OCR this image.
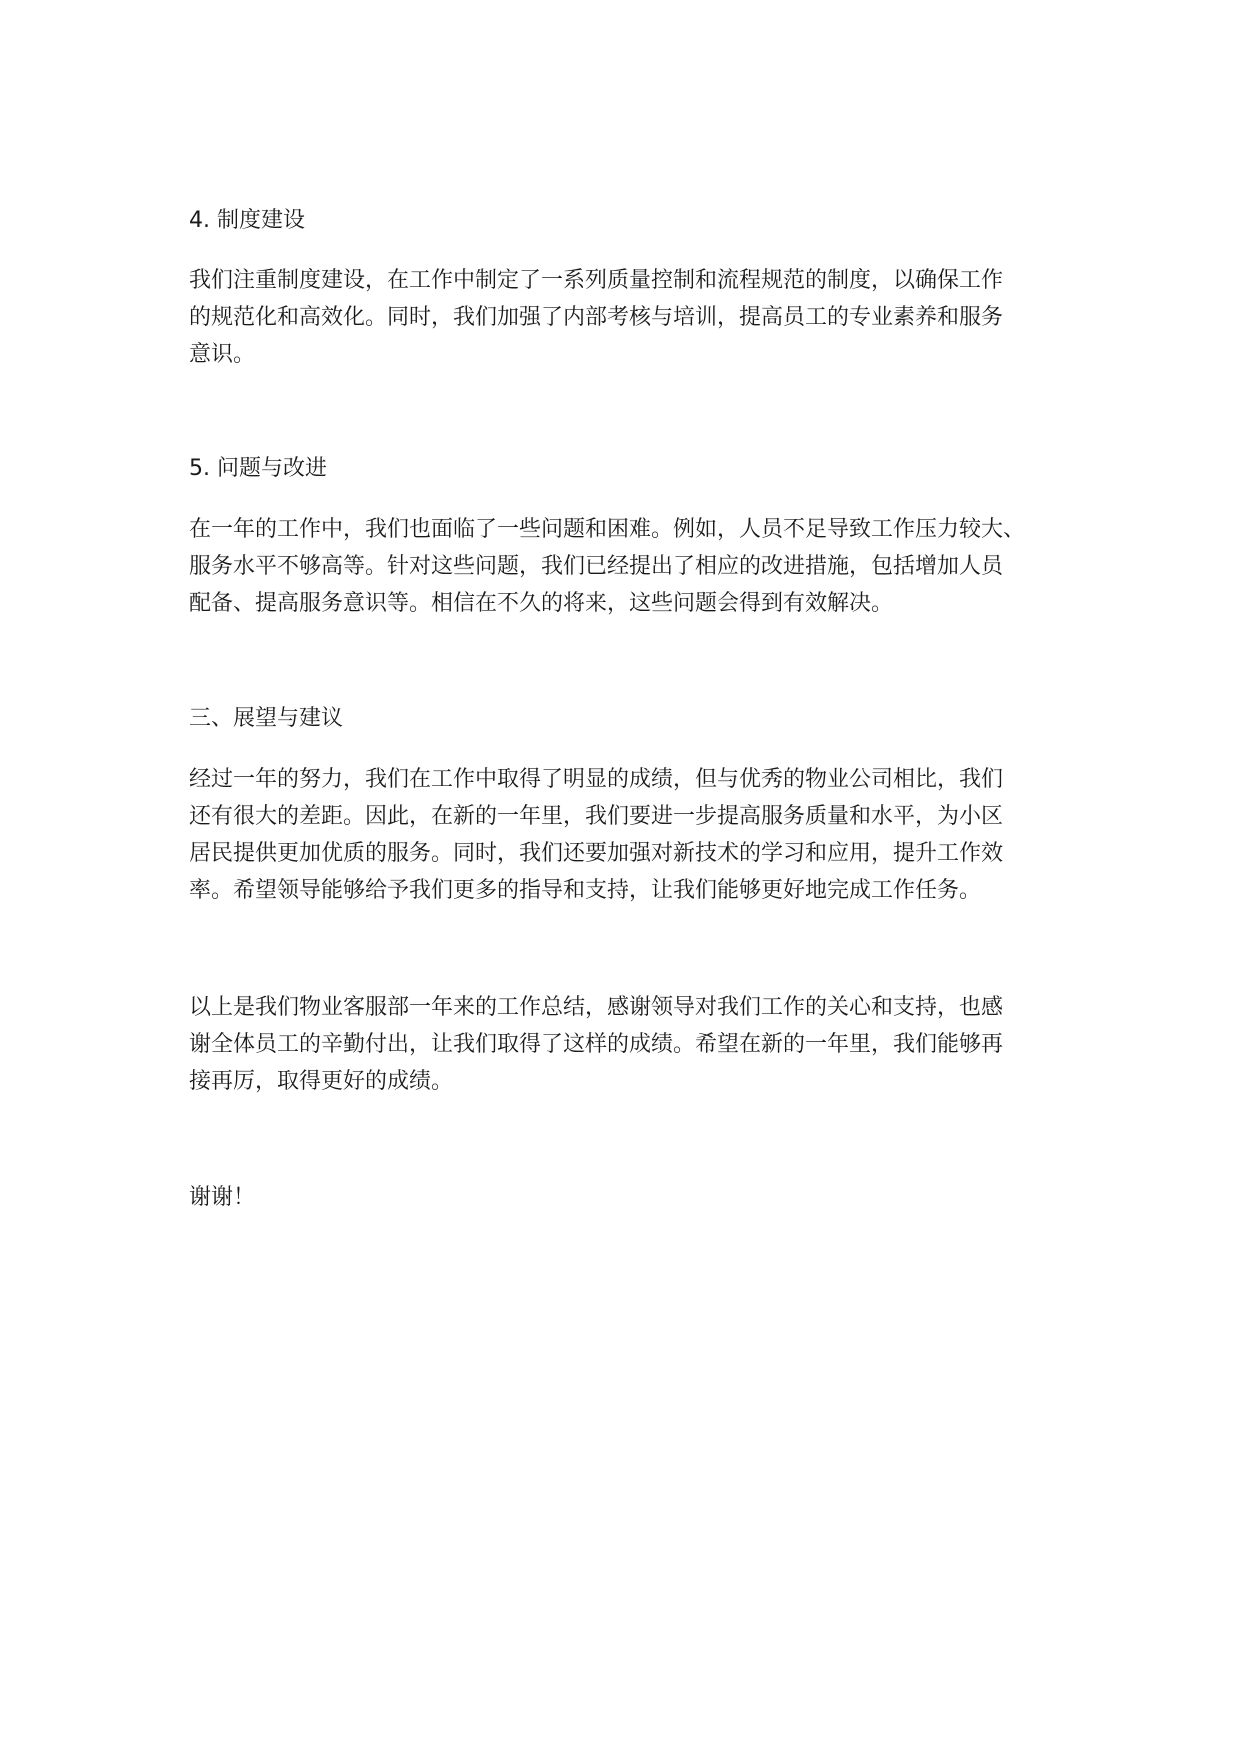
4. 制度建设

我们注重制度建设，在工作中制定了一系列质量控制和流程规范的制度，以确保工作
的规范化和高效化。同时，我们加强了内部考核与培训，提高员工的专业素养和服务
意识。

5. 问题与改进

在一年的工作中，我们也面临了一些问题和困难。例如，人员不足导致工作压力较大、
服务水平不够高等。针对这些问题，我们已经提出了相应的改进措施，包括增加人员
配备、提高服务意识等。相信在不久的将来，这些问题会得到有效解决。

三、展望与建议

经过一年的努力，我们在工作中取得了明显的成绩，但与优秀的物业公司相比，我们
还有很大的差距。因此，在新的一年里，我们要进一步提高服务质量和水平，为小区
居民提供更加优质的服务。同时，我们还要加强对新技术的学习和应用，提升工作效
率。希望领导能够给予我们更多的指导和支持，让我们能够更好地完成工作任务。

以上是我们物业客服部一年来的工作总结，感谢领导对我们工作的关心和支持，也感
谢全体员工的辛勤付出，让我们取得了这样的成绩。希望在新的一年里，我们能够再
接再厉，取得更好的成绩。

谢谢！
